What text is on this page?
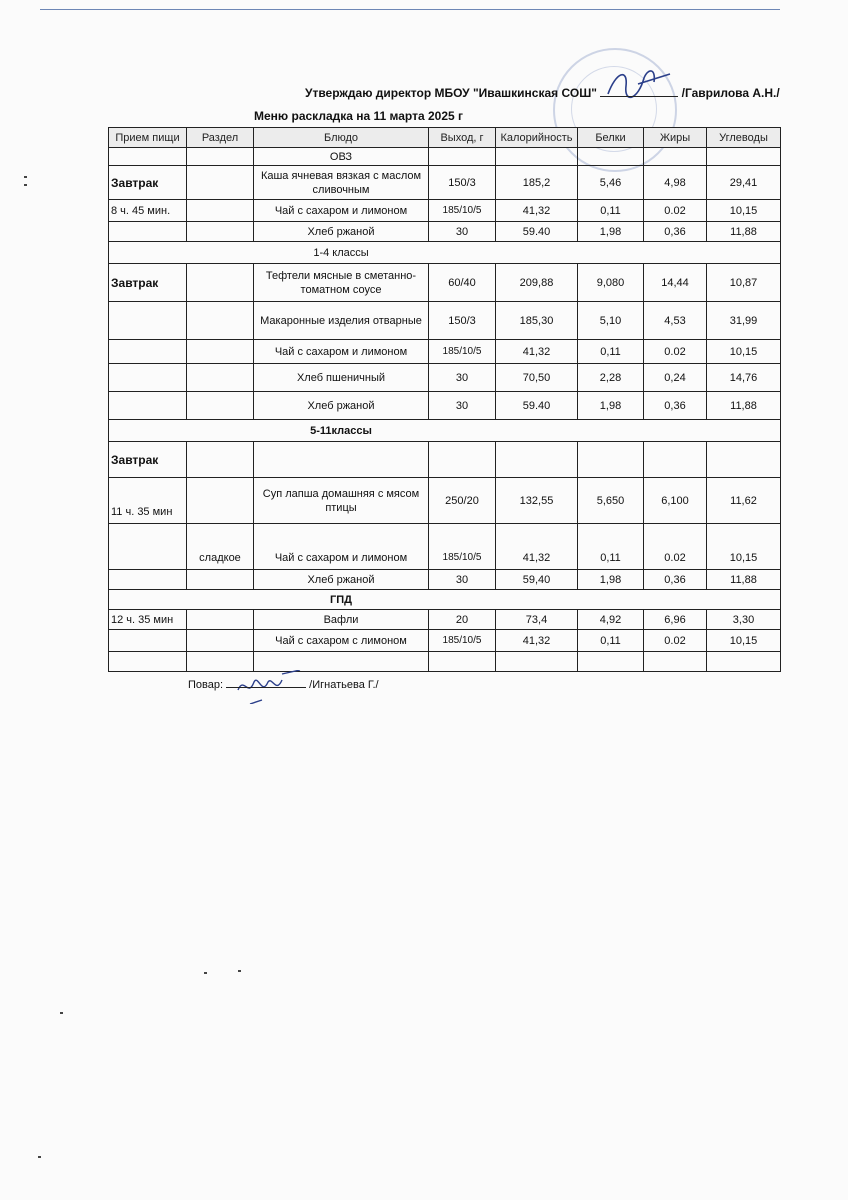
Утверждаю директор МБОУ "Ивашкинская СОШ"	/Гаврилова А.Н./
Меню раскладка на 11 марта 2025 г
Прием пищи	Раздел	Блюдо	Выход, г	Калорийность	Белки	Жиры	Углеводы
		ОВЗ					
Завтрак		Каша ячневая вязкая с маслом сливочным	150/3	185,2	5,46	4,98	29,41
8 ч. 45 мин.		Чай с сахаром и лимоном	185/10/5	41,32	0,11	0.02	10,15
		Хлеб ржаной	30	59.40	1,98	0,36	11,88
		1-4 классы					
Завтрак		Тефтели мясные в сметанно-томатном соусе	60/40	209,88	9,080	14,44	10,87
		Макаронные изделия отварные	150/3	185,30	5,10	4,53	31,99
		Чай с сахаром и лимоном	185/10/5	41,32	0,11	0.02	10,15
		Хлеб пшеничный	30	70,50	2,28	0,24	14,76
		Хлеб ржаной	30	59.40	1,98	0,36	11,88
		5-11классы					
Завтрак							
11 ч. 35 мин		Суп лапша домашняя с мясом птицы	250/20	132,55	5,650	6,100	11,62
	сладкое	Чай с сахаром и лимоном	185/10/5	41,32	0,11	0.02	10,15
		Хлеб ржаной	30	59,40	1,98	0,36	11,88
		ГПД					
12 ч. 35 мин		Вафли	20	73,4	4,92	6,96	3,30
		Чай с сахаром с лимоном	185/10/5	41,32	0,11	0.02	10,15

Повар:	/Игнатьева Г./
